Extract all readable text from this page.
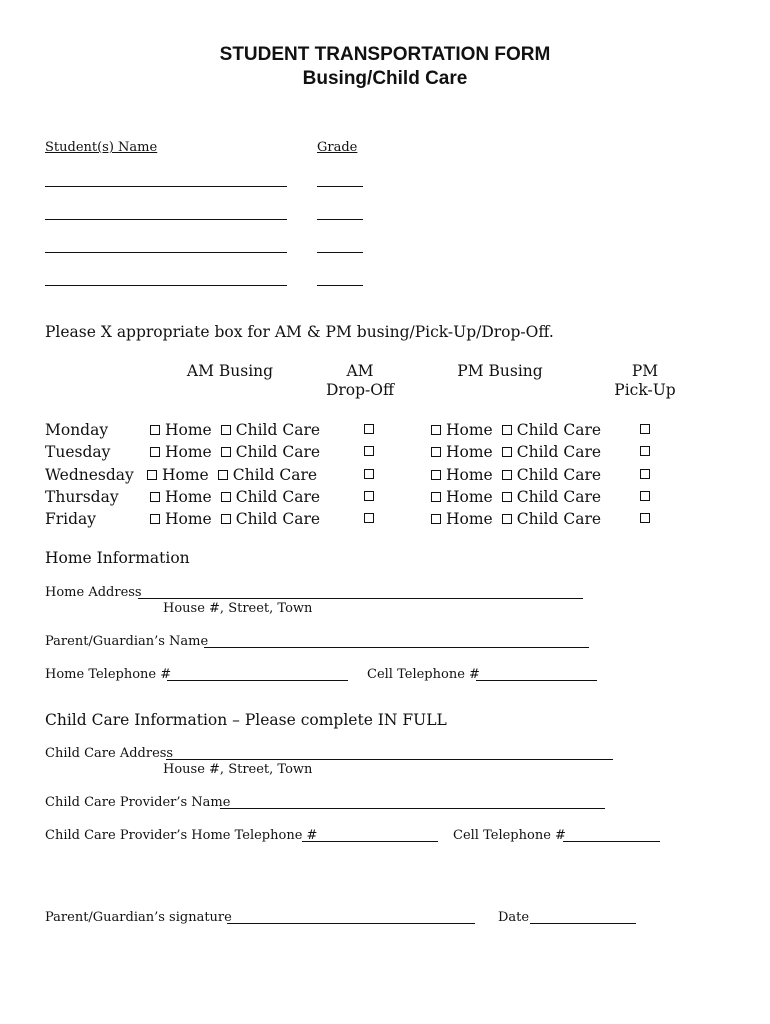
STUDENT TRANSPORTATION FORM
Busing/Child Care
Student(s) Name	Grade
Please X appropriate box for AM & PM busing/Pick-Up/Drop-Off.
AM Busing	AM
Drop-Off
PM Busing	PM
Pick-Up
Monday	Home Child Care	Home Child Care
Tuesday	Home Child Care	Home Child Care
Wednesday Home Child Care	Home Child Care
Thursday	Home Child Care	Home Child Care
Friday	Home Child Care	Home Child Care
Home Information
Home Address
House #, Street, Town
Parent/Guardian’s Name
Home Telephone #	Cell Telephone #
Child Care Information – Please complete IN FULL
Child Care Address
House #, Street, Town
Child Care Provider’s Name
Child Care Provider’s Home Telephone #	Cell Telephone #
Parent/Guardian’s signature	Date
